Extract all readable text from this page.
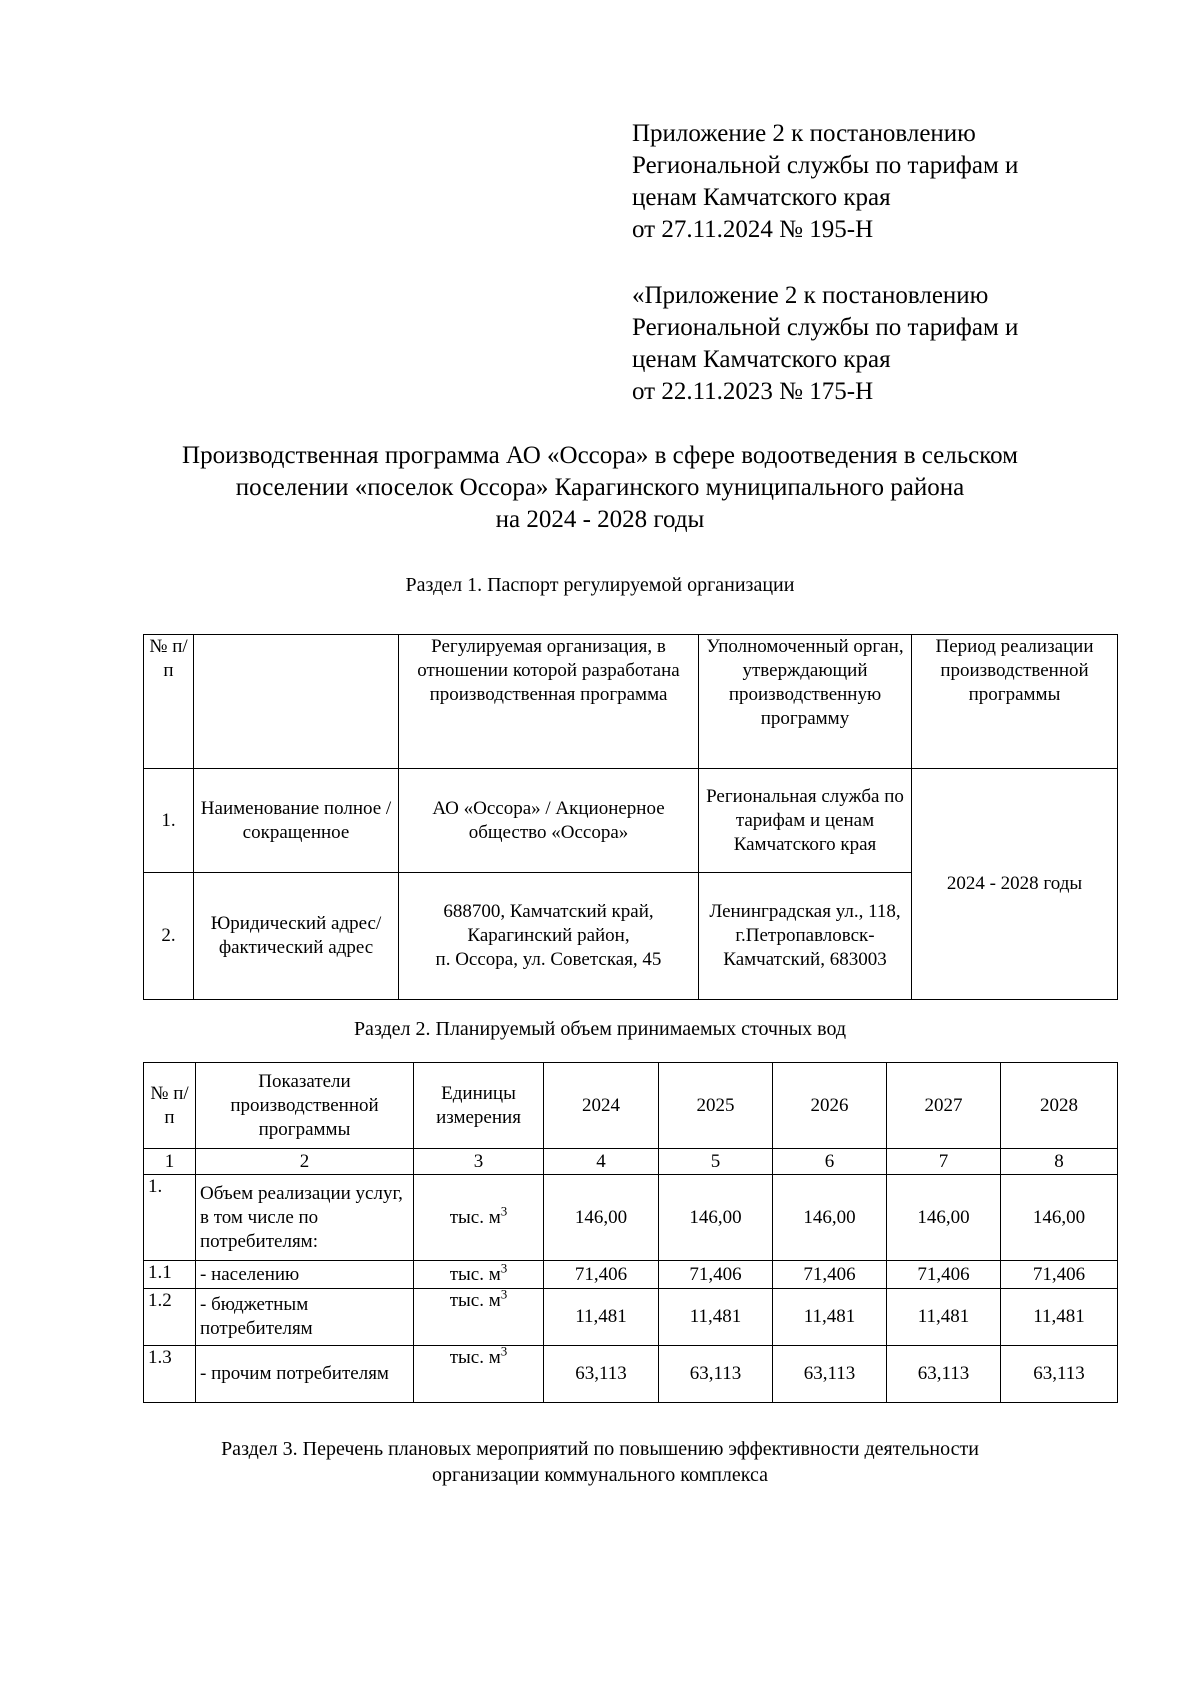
Приложение 2 к постановлению
Региональной службы по тарифам и
ценам Камчатского края
от 27.11.2024 № 195-Н
«Приложение 2 к постановлению
Региональной службы по тарифам и
ценам Камчатского края
от 22.11.2023 № 175-Н
Производственная программа АО «Оссора» в сфере водоотведения в сельском
поселении «поселок Оссора» Карагинского муниципального района
на 2024 - 2028 годы
Раздел 1. Паспорт регулируемой организации
№ п/п		Регулируемая организация, в отношении которой разработана производственная программа	Уполномоченный орган, утверждающий производственную программу	Период реализации производственной программы
1.	Наименование полное / сокращенное	АО «Оссора» / Акционерное общество «Оссора»	Региональная служба по тарифам и ценам Камчатского края	2024 - 2028 годы
2.	Юридический адрес/фактический адрес	688700, Камчатский край,
Карагинский район,
п. Оссора, ул. Советская, 45	Ленинградская ул., 118, г.Петропавловск-Камчатский, 683003	
Раздел 2. Планируемый объем принимаемых сточных вод
№ п/п	Показатели производственной программы	Единицы измерения	2024	2025	2026	2027	2028
1	2	3	4	5	6	7	8
1.	Объем реализации услуг, в том числе по потребителям:	тыс. $м^3$	146,00	146,00	146,00	146,00	146,00
1.1	- населению	тыс. $м^3$	71,406	71,406	71,406	71,406	71,406
1.2	- бюджетным потребителям	тыс. $м^3$	11,481	11,481	11,481	11,481	11,481
1.3	- прочим потребителям	тыс. $м^3$	63,113	63,113	63,113	63,113	63,113
Раздел 3. Перечень плановых мероприятий по повышению эффективности деятельности
организации коммунального комплекса
